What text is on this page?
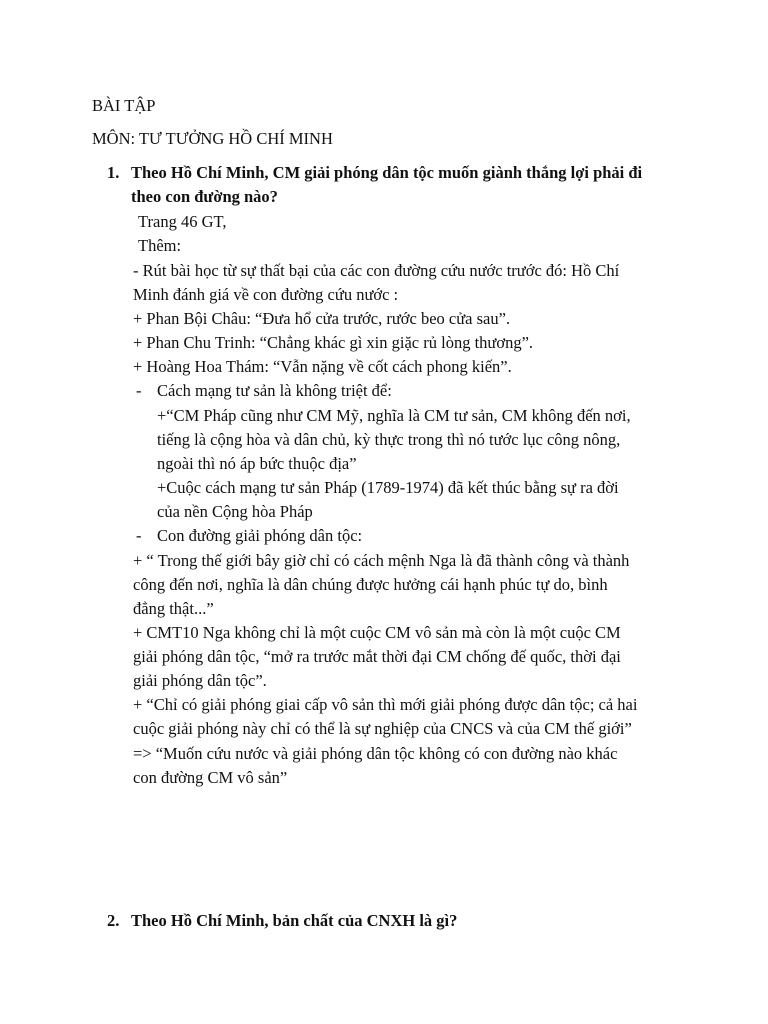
BÀI TẬP
MÔN: TƯ TƯỞNG HỒ CHÍ MINH
1. Theo Hồ Chí Minh, CM giải phóng dân tộc muốn giành thắng lợi phải đi
theo con đường nào?
Trang 46 GT,
Thêm:
- Rút bài học từ sự thất bại của các con đường cứu nước trước đó: Hồ Chí
Minh đánh giá về con đường cứu nước :
+ Phan Bội Châu: “Đưa hổ cửa trước, rước beo cửa sau”.
+ Phan Chu Trinh: “Chẳng khác gì xin giặc rủ lòng thương”.
+ Hoàng Hoa Thám: “Vẫn nặng về cốt cách phong kiến”.
- Cách mạng tư sản là không triệt để:
+“CM Pháp cũng như CM Mỹ, nghĩa là CM tư sản, CM không đến nơi,
tiếng là cộng hòa và dân chủ, kỳ thực trong thì nó tước lục công nông,
ngoài thì nó áp bức thuộc địa”
+Cuộc cách mạng tư sản Pháp (1789-1974) đã kết thúc bằng sự ra đời
của nền Cộng hòa Pháp
- Con đường giải phóng dân tộc:
+ “ Trong thế giới bây giờ chỉ có cách mệnh Nga là đã thành công và thành
công đến nơi, nghĩa là dân chúng được hưởng cái hạnh phúc tự do, bình
đẳng thật...”
+ CMT10 Nga không chỉ là một cuộc CM vô sản mà còn là một cuộc CM
giải phóng dân tộc, “mở ra trước mắt thời đại CM chống đế quốc, thời đại
giải phóng dân tộc”.
+ “Chỉ có giải phóng giai cấp vô sản thì mới giải phóng được dân tộc; cả hai
cuộc giải phóng này chỉ có thể là sự nghiệp của CNCS và của CM thế giới”
=> “Muốn cứu nước và giải phóng dân tộc không có con đường nào khác
con đường CM vô sản”
2. Theo Hồ Chí Minh, bản chất của CNXH là gì?
